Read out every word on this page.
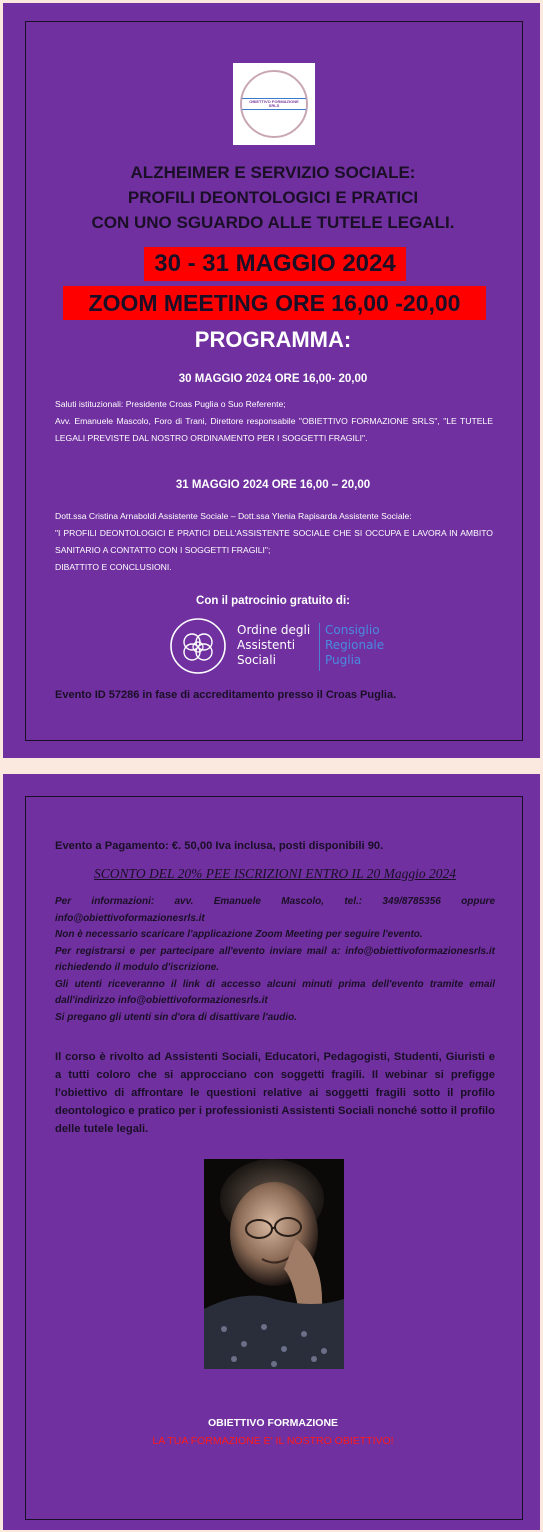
OBIETTIVO FORMAZIONE SRLS
ALZHEIMER E SERVIZIO SOCIALE:
PROFILI DEONTOLOGICI E PRATICI
CON UNO SGUARDO ALLE TUTELE LEGALI.
30 - 31 MAGGIO 2024
ZOOM MEETING ORE 16,00 -20,00
PROGRAMMA:
30 MAGGIO 2024 ORE 16,00- 20,00

Saluti istituzionali: Presidente Croas Puglia o Suo Referente;

Avv. Emanuele Mascolo, Foro di Trani, Direttore responsabile "OBIETTIVO FORMAZIONE SRLS", "LE TUTELE LEGALI PREVISTE DAL NOSTRO ORDINAMENTO PER I SOGGETTI FRAGILI".

31 MAGGIO 2024 ORE 16,00 – 20,00

Dott.ssa Cristina Arnaboldi Assistente Sociale – Dott.ssa Ylenia Rapisarda Assistente Sociale:

"I PROFILI DEONTOLOGICI E PRATICI DELL'ASSISTENTE SOCIALE CHE SI OCCUPA E LAVORA IN AMBITO SANITARIO A CONTATTO CON I SOGGETTI FRAGILI";

DIBATTITO E CONCLUSIONI.

Con il patrocinio gratuito di:
Ordine degli
Assistenti
Sociali
Consiglio
Regionale
Puglia
Evento ID 57286 in fase di accreditamento presso il Croas Puglia.
Evento a Pagamento: €. 50,00 Iva inclusa, posti disponibili 90.
SCONTO DEL 20% PEE ISCRIZIONI ENTRO IL 20 Maggio 2024

Per informazioni: avv. Emanuele Mascolo, tel.: 349/8785356 oppure info@obiettivoformazionesrls.it

Non è necessario scaricare l'applicazione Zoom Meeting per seguire l'evento.

Per registrarsi e per partecipare all'evento inviare mail a: info@obiettivoformazionesrls.it richiedendo il modulo d'iscrizione.

Gli utenti riceveranno il link di accesso alcuni minuti prima dell'evento tramite email dall'indirizzo info@obiettivoformazionesrls.it

Si pregano gli utenti sin d'ora di disattivare l'audio.

Il corso è rivolto ad Assistenti Sociali, Educatori, Pedagogisti, Studenti, Giuristi e a tutti coloro che si approcciano con soggetti fragili. Il webinar si prefigge l'obiettivo di affrontare le questioni relative ai soggetti fragili sotto il profilo deontologico e pratico per i professionisti Assistenti Sociali nonché sotto il profilo delle tutele legali.
OBIETTIVO FORMAZIONE
LA TUA FORMAZIONE E' IL NOSTRO OBIETTIVO!
